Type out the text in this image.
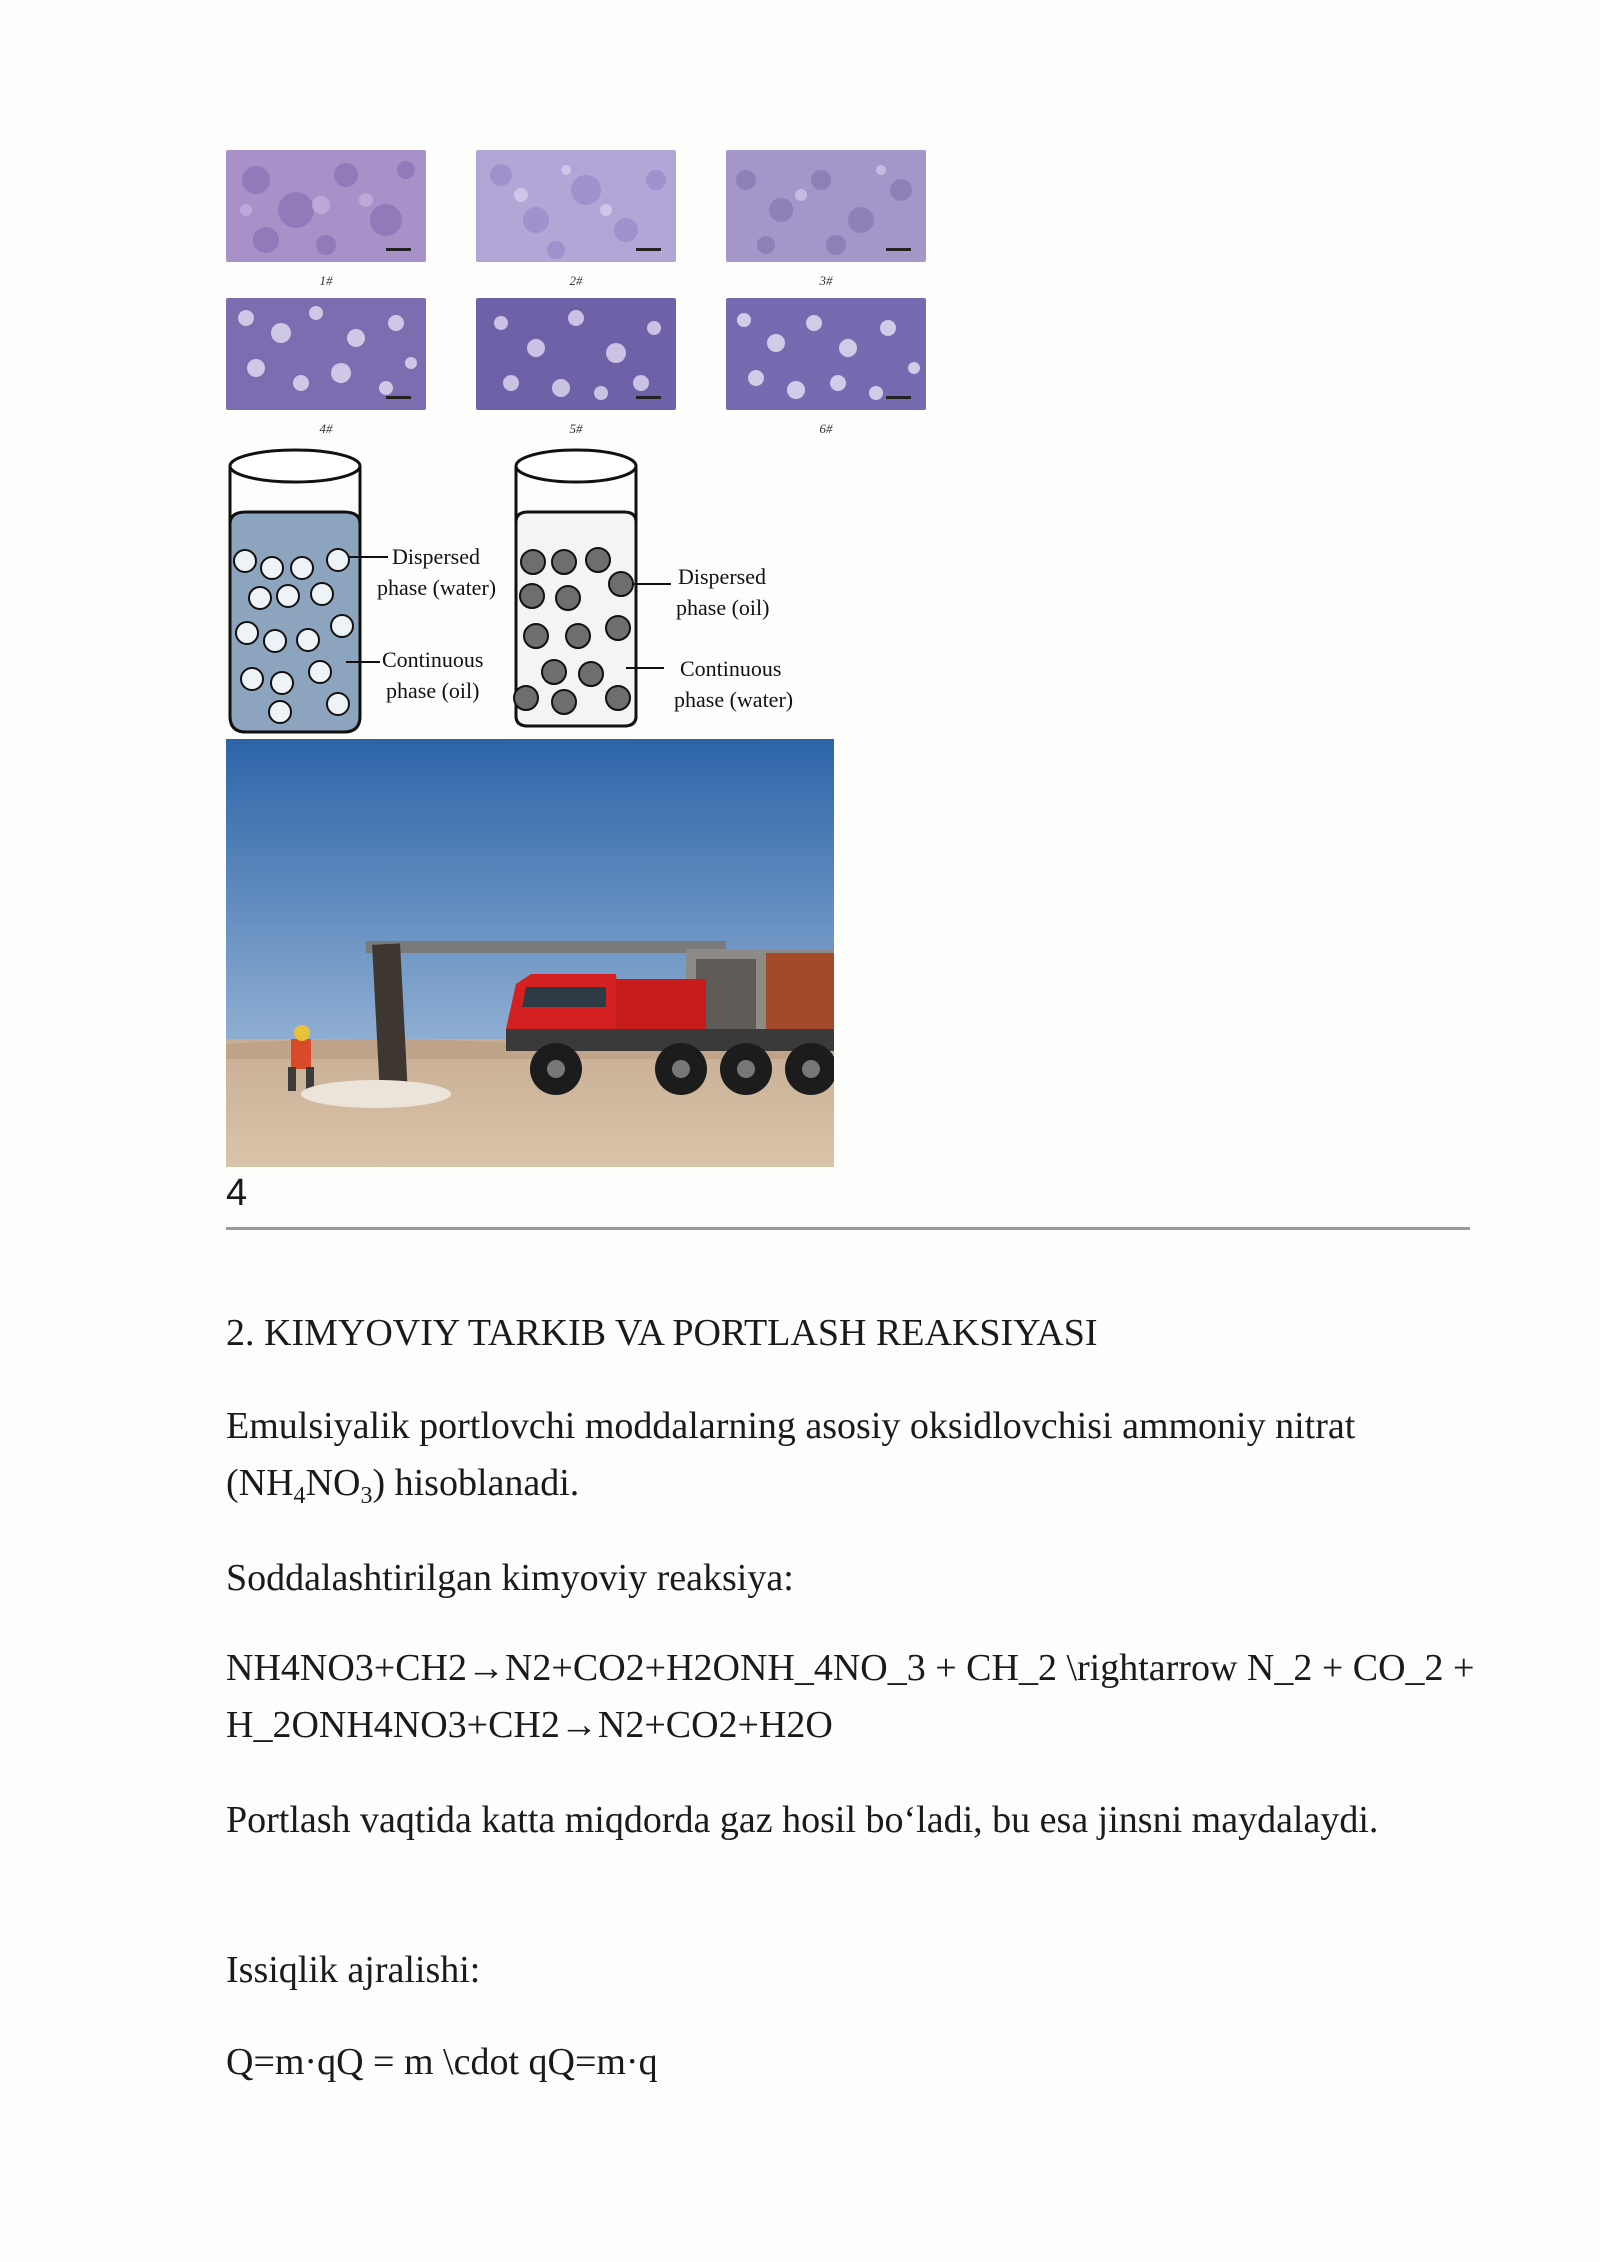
1#	2#	3#
4#	5#	6#
Dispersed
phase (water)
Continuous
phase (oil)
Dispersed
phase (oil)
Continuous
phase (water)
4
2. KIMYOVIY TARKIB VA PORTLASH REAKSIYASI
Emulsiyalik portlovchi moddalarning asosiy oksidlovchisi ammoniy nitrat $(NH_4NO_3)$ hisoblanadi.
Soddalashtirilgan kimyoviy reaksiya:
NH4NO3+CH2→N2+CO2+H2ONH_4NO_3 + CH_2 \rightarrow N_2 + CO_2 + H_2ONH4NO3+CH2→N2+CO2+H2O
Portlash vaqtida katta miqdorda gaz hosil bo‘ladi, bu esa jinsni maydalaydi.
Issiqlik ajralishi:
Q=m·qQ = m \cdot qQ=m·q
